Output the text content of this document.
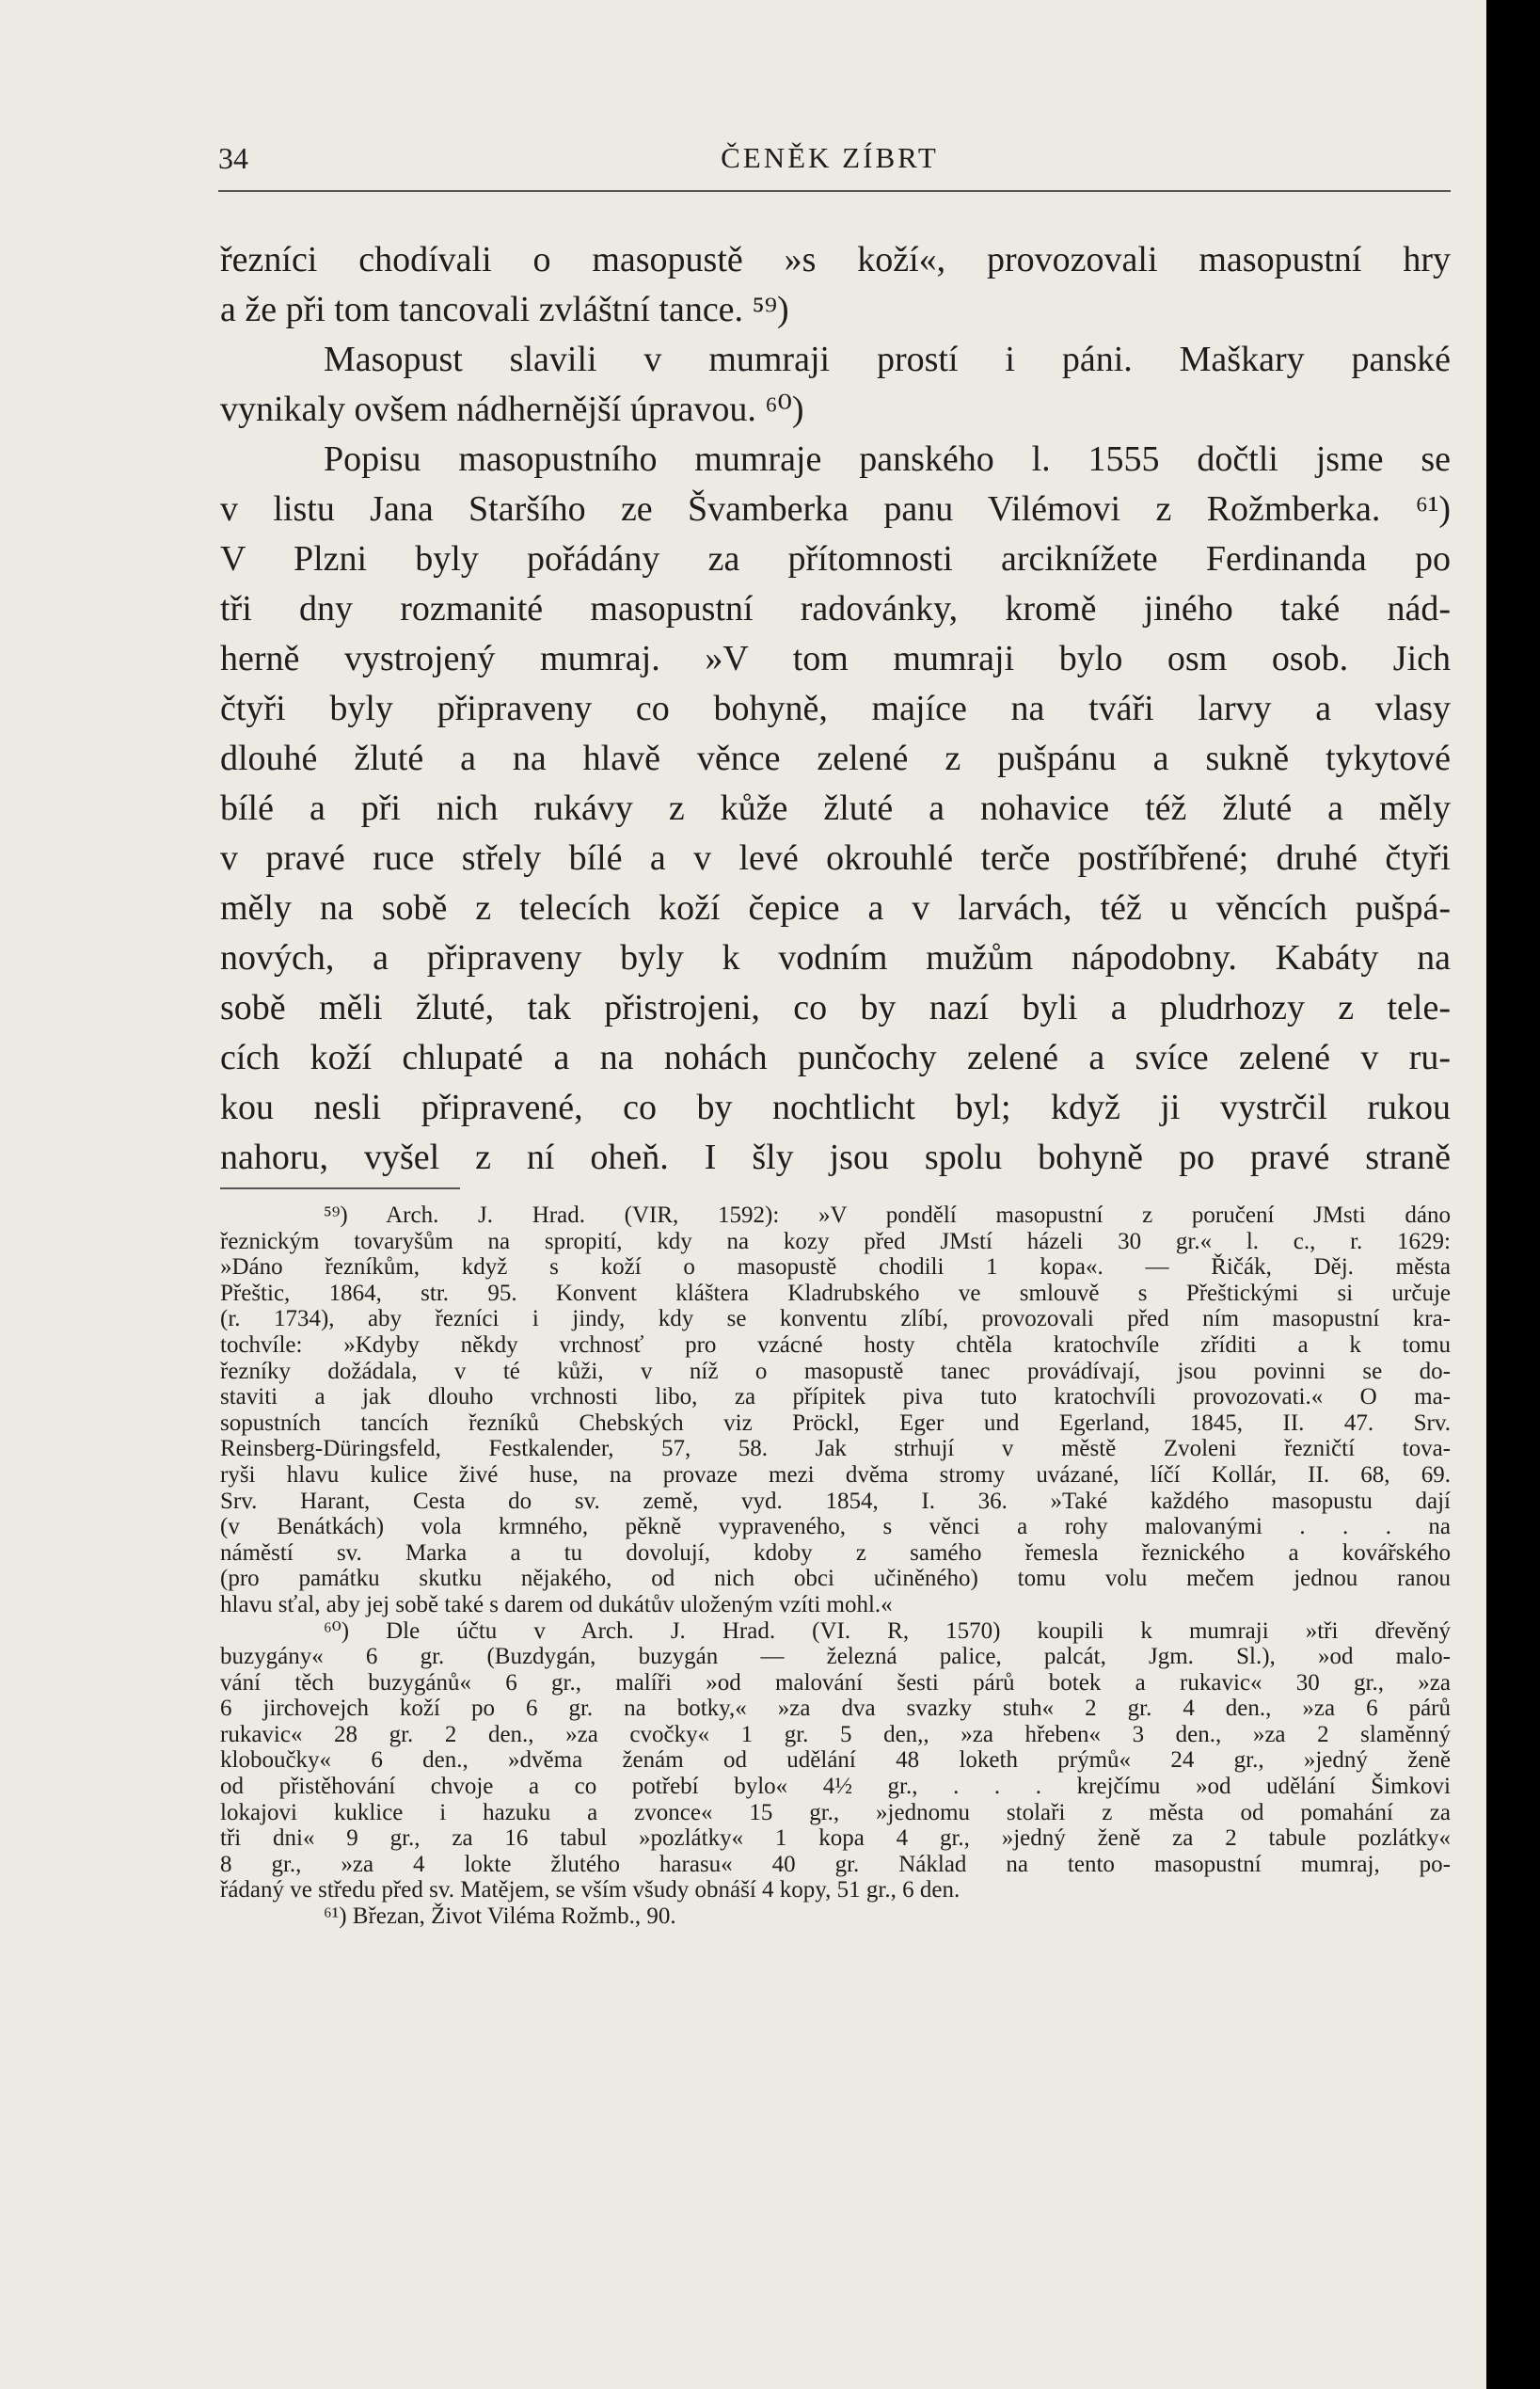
34	ČENĚK ZÍBRT
řezníci chodívali o masopustě »s koží«, provozovali masopustní hry
a že při tom tancovali zvláštní tance. ⁵⁹)
Masopust slavili v mumraji prostí i páni. Maškary panské
vynikaly ovšem nádhernější úpravou. ⁶⁰)
Popisu masopustního mumraje panského l. 1555 dočtli jsme se
v listu Jana Staršího ze Švamberka panu Vilémovi z Rožmberka. ⁶¹)
V Plzni byly pořádány za přítomnosti arciknížete Ferdinanda po
tři dny rozmanité masopustní radovánky, kromě jiného také nád-
herně vystrojený mumraj. »V tom mumraji bylo osm osob. Jich
čtyři byly připraveny co bohyně, majíce na tváři larvy a vlasy
dlouhé žluté a na hlavě věnce zelené z pušpánu a sukně tykytové
bílé a při nich rukávy z kůže žluté a nohavice též žluté a měly
v pravé ruce střely bílé a v levé okrouhlé terče postříbřené; druhé čtyři
měly na sobě z telecích koží čepice a v larvách, též u věncích pušpá-
nových, a připraveny byly k vodním mužům nápodobny. Kabáty na
sobě měli žluté, tak přistrojeni, co by nazí byli a pludrhozy z tele-
cích koží chlupaté a na nohách punčochy zelené a svíce zelené v ru-
kou nesli připravené, co by nochtlicht byl; když ji vystrčil rukou
nahoru, vyšel z ní oheň. I šly jsou spolu bohyně po pravé straně
⁵⁹) Arch. J. Hrad. (VIR, 1592): »V pondělí masopustní z poručení JMsti dáno
řeznickým tovaryšům na spropití, kdy na kozy před JMstí házeli 30 gr.« l. c., r. 1629:
»Dáno řezníkům, když s koží o masopustě chodili 1 kopa«. — Řičák, Děj. města
Přeštic, 1864, str. 95. Konvent kláštera Kladrubského ve smlouvě s Přeštickými si určuje
(r. 1734), aby řezníci i jindy, kdy se konventu zlíbí, provozovali před ním masopustní kra-
tochvíle: »Kdyby někdy vrchnosť pro vzácné hosty chtěla kratochvíle zříditi a k tomu
řezníky dožádala, v té kůži, v níž o masopustě tanec provádívají, jsou povinni se do-
staviti a jak dlouho vrchnosti libo, za přípitek piva tuto kratochvíli provozovati.« O ma-
sopustních tancích řezníků Chebských viz Pröckl, Eger und Egerland, 1845, II. 47. Srv.
Reinsberg-Düringsfeld, Festkalender, 57, 58. Jak strhují v městě Zvoleni řezničtí tova-
ryši hlavu kulice živé huse, na provaze mezi dvěma stromy uvázané, líčí Kollár, II. 68, 69.
Srv. Harant, Cesta do sv. země, vyd. 1854, I. 36. »Také každého masopustu dají
(v Benátkách) vola krmného, pěkně vypraveného, s věnci a rohy malovanými . . . na
náměstí sv. Marka a tu dovolují, kdoby z samého řemesla řeznického a kovářského
(pro památku skutku nějakého, od nich obci učiněného) tomu volu mečem jednou ranou
hlavu sťal, aby jej sobě také s darem od dukátův uloženým vzíti mohl.«
⁶⁰) Dle účtu v Arch. J. Hrad. (VI. R, 1570) koupili k mumraji »tři dřevěný
buzygány« 6 gr. (Buzdygán, buzygán — železná palice, palcát, Jgm. Sl.), »od malo-
vání těch buzygánů« 6 gr., malíři »od malování šesti párů botek a rukavic« 30 gr., »za
6 jirchovejch koží po 6 gr. na botky,« »za dva svazky stuh« 2 gr. 4 den., »za 6 párů
rukavic« 28 gr. 2 den., »za cvočky« 1 gr. 5 den,, »za hřeben« 3 den., »za 2 slaměnný
kloboučky« 6 den., »dvěma ženám od udělání 48 loketh prýmů« 24 gr., »jedný ženě
od přistěhování chvoje a co potřebí bylo« 4½ gr., . . . krejčímu »od udělání Šimkovi
lokajovi kuklice i hazuku a zvonce« 15 gr., »jednomu stolaři z města od pomahání za
tři dni« 9 gr., za 16 tabul »pozlátky« 1 kopa 4 gr., »jedný ženě za 2 tabule pozlátky«
8 gr., »za 4 lokte žlutého harasu« 40 gr. Náklad na tento masopustní mumraj, po-
řádaný ve středu před sv. Matějem, se vším všudy obnáší 4 kopy, 51 gr., 6 den.
⁶¹) Březan, Život Viléma Rožmb., 90.
